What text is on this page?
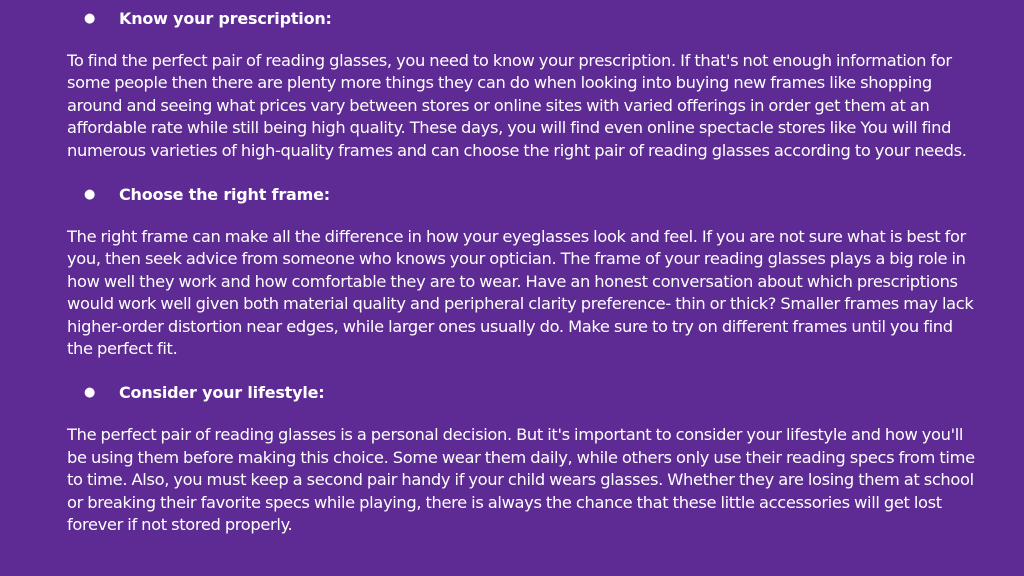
●	Know your prescription:

To find the perfect pair of reading glasses, you need to know your prescription. If that's not enough information for some people then there are plenty more things they can do when looking into buying new frames like shopping around and seeing what prices vary between stores or online sites with varied offerings in order get them at an affordable rate while still being high quality. These days, you will find even online spectacle stores like You will find numerous varieties of high-quality frames and can choose the right pair of reading glasses according to your needs.

●	Choose the right frame:

The right frame can make all the difference in how your eyeglasses look and feel. If you are not sure what is best for you, then seek advice from someone who knows your optician. The frame of your reading glasses plays a big role in how well they work and how comfortable they are to wear. Have an honest conversation about which prescriptions would work well given both material quality and peripheral clarity preference- thin or thick? Smaller frames may lack higher-order distortion near edges, while larger ones usually do. Make sure to try on different frames until you find the perfect fit.

●	Consider your lifestyle:

The perfect pair of reading glasses is a personal decision. But it's important to consider your lifestyle and how you'll be using them before making this choice. Some wear them daily, while others only use their reading specs from time to time. Also, you must keep a second pair handy if your child wears glasses. Whether they are losing them at school or breaking their favorite specs while playing, there is always the chance that these little accessories will get lost forever if not stored properly.
